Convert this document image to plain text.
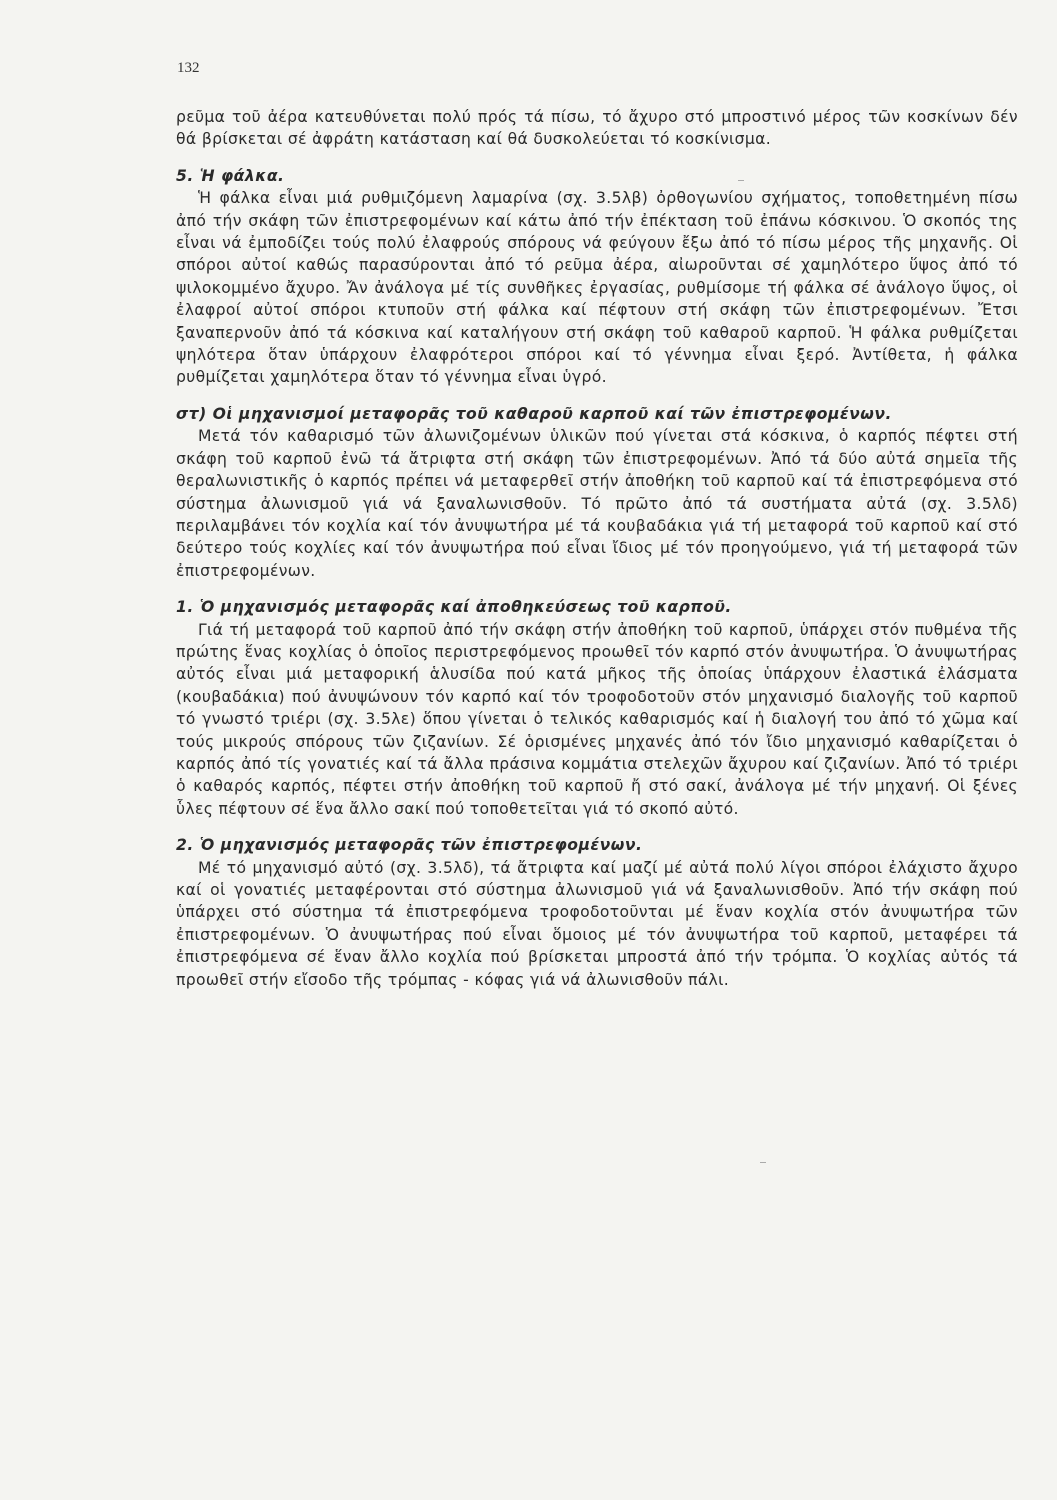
132

ρεῦμα τοῦ ἀέρα κατευθύνεται πολύ πρός τά πίσω, τό ἄχυρο στό μπροστινό μέρος τῶν κοσκίνων δέν θά βρίσκεται σέ ἀφράτη κατάσταση καί θά δυσκολεύεται τό κοσκίνισμα.

5. Ἡ φάλκα.

Ἡ φάλκα εἶναι μιά ρυθμιζόμενη λαμαρίνα (σχ. 3.5λβ) ὀρθογωνίου σχήματος, τοποθετημένη πίσω ἀπό τήν σκάφη τῶν ἐπιστρεφομένων καί κάτω ἀπό τήν ἐπέκταση τοῦ ἐπάνω κόσκινου. Ὁ σκοπός της εἶναι νά ἐμποδίζει τούς πολύ ἐλαφρούς σπόρους νά φεύγουν ἔξω ἀπό τό πίσω μέρος τῆς μηχανῆς. Οἱ σπόροι αὐτοί καθώς παρασύρονται ἀπό τό ρεῦμα ἀέρα, αἰωροῦνται σέ χαμηλότερο ὕψος ἀπό τό ψιλοκομμένο ἄχυρο. Ἄν ἀνάλογα μέ τίς συνθῆκες ἐργασίας, ρυθμίσομε τή φάλκα σέ ἀνάλογο ὕψος, οἱ ἐλαφροί αὐτοί σπόροι κτυποῦν στή φάλκα καί πέφτουν στή σκάφη τῶν ἐπιστρεφομένων. Ἔτσι ξαναπερνοῦν ἀπό τά κόσκινα καί καταλήγουν στή σκάφη τοῦ καθαροῦ καρποῦ. Ἡ φάλκα ρυθμίζεται ψηλότερα ὅταν ὑπάρχουν ἐλαφρότεροι σπόροι καί τό γέννημα εἶναι ξερό. Ἀντίθετα, ἡ φάλκα ρυθμίζεται χαμηλότερα ὅταν τό γέννημα εἶναι ὑγρό.

στ) Οἱ μηχανισμοί μεταφορᾶς τοῦ καθαροῦ καρποῦ καί τῶν ἐπιστρεφομένων.

Μετά τόν καθαρισμό τῶν ἀλωνιζομένων ὑλικῶν πού γίνεται στά κόσκινα, ὁ καρπός πέφτει στή σκάφη τοῦ καρποῦ ἐνῶ τά ἄτριφτα στή σκάφη τῶν ἐπιστρεφομένων. Ἀπό τά δύο αὐτά σημεῖα τῆς θεραλωνιστικῆς ὁ καρπός πρέπει νά μεταφερθεῖ στήν ἀποθήκη τοῦ καρποῦ καί τά ἐπιστρεφόμενα στό σύστημα ἀλωνισμοῦ γιά νά ξαναλωνισθοῦν. Τό πρῶτο ἀπό τά συστήματα αὐτά (σχ. 3.5λδ) περιλαμβάνει τόν κοχλία καί τόν ἀνυψωτήρα μέ τά κουβαδάκια γιά τή μεταφορά τοῦ καρποῦ καί στό δεύτερο τούς κοχλίες καί τόν ἀνυψωτήρα πού εἶναι ἴδιος μέ τόν προηγούμενο, γιά τή μεταφορά τῶν ἐπιστρεφομένων.

1. Ὁ μηχανισμός μεταφορᾶς καί ἀποθηκεύσεως τοῦ καρποῦ.

Γιά τή μεταφορά τοῦ καρποῦ ἀπό τήν σκάφη στήν ἀποθήκη τοῦ καρποῦ, ὑπάρχει στόν πυθμένα τῆς πρώτης ἕνας κοχλίας ὁ ὁποῖος περιστρεφόμενος προωθεῖ τόν καρπό στόν ἀνυψωτήρα. Ὁ ἀνυψωτήρας αὐτός εἶναι μιά μεταφορική ἁλυσίδα πού κατά μῆκος τῆς ὁποίας ὑπάρχουν ἐλαστικά ἐλάσματα (κουβαδάκια) πού ἀνυψώνουν τόν καρπό καί τόν τροφοδοτοῦν στόν μηχανισμό διαλογῆς τοῦ καρποῦ τό γνωστό τριέρι (σχ. 3.5λε) ὅπου γίνεται ὁ τελικός καθαρισμός καί ἡ διαλογή του ἀπό τό χῶμα καί τούς μικρούς σπόρους τῶν ζιζανίων. Σέ ὁρισμένες μηχανές ἀπό τόν ἴδιο μηχανισμό καθαρίζεται ὁ καρπός ἀπό τίς γονατιές καί τά ἄλλα πράσινα κομμάτια στελεχῶν ἄχυρου καί ζιζανίων. Ἀπό τό τριέρι ὁ καθαρός καρπός, πέφτει στήν ἀποθήκη τοῦ καρποῦ ἤ στό σακί, ἀνάλογα μέ τήν μηχανή. Οἱ ξένες ὗλες πέφτουν σέ ἕνα ἄλλο σακί πού τοποθετεῖται γιά τό σκοπό αὐτό.

2. Ὁ μηχανισμός μεταφορᾶς τῶν ἐπιστρεφομένων.

Μέ τό μηχανισμό αὐτό (σχ. 3.5λδ), τά ἄτριφτα καί μαζί μέ αὐτά πολύ λίγοι σπόροι ἐλάχιστο ἄχυρο καί οἱ γονατιές μεταφέρονται στό σύστημα ἀλωνισμοῦ γιά νά ξαναλωνισθοῦν. Ἀπό τήν σκάφη πού ὑπάρχει στό σύστημα τά ἐπιστρεφόμενα τροφοδοτοῦνται μέ ἕναν κοχλία στόν ἀνυψωτήρα τῶν ἐπιστρεφομένων. Ὁ ἀνυψωτήρας πού εἶναι ὅμοιος μέ τόν ἀνυψωτήρα τοῦ καρποῦ, μεταφέρει τά ἐπιστρεφόμενα σέ ἕναν ἄλλο κοχλία πού βρίσκεται μπροστά ἀπό τήν τρόμπα. Ὁ κοχλίας αὐτός τά προωθεῖ στήν εἴσοδο τῆς τρόμπας - κόφας γιά νά ἀλωνισθοῦν πάλι.
